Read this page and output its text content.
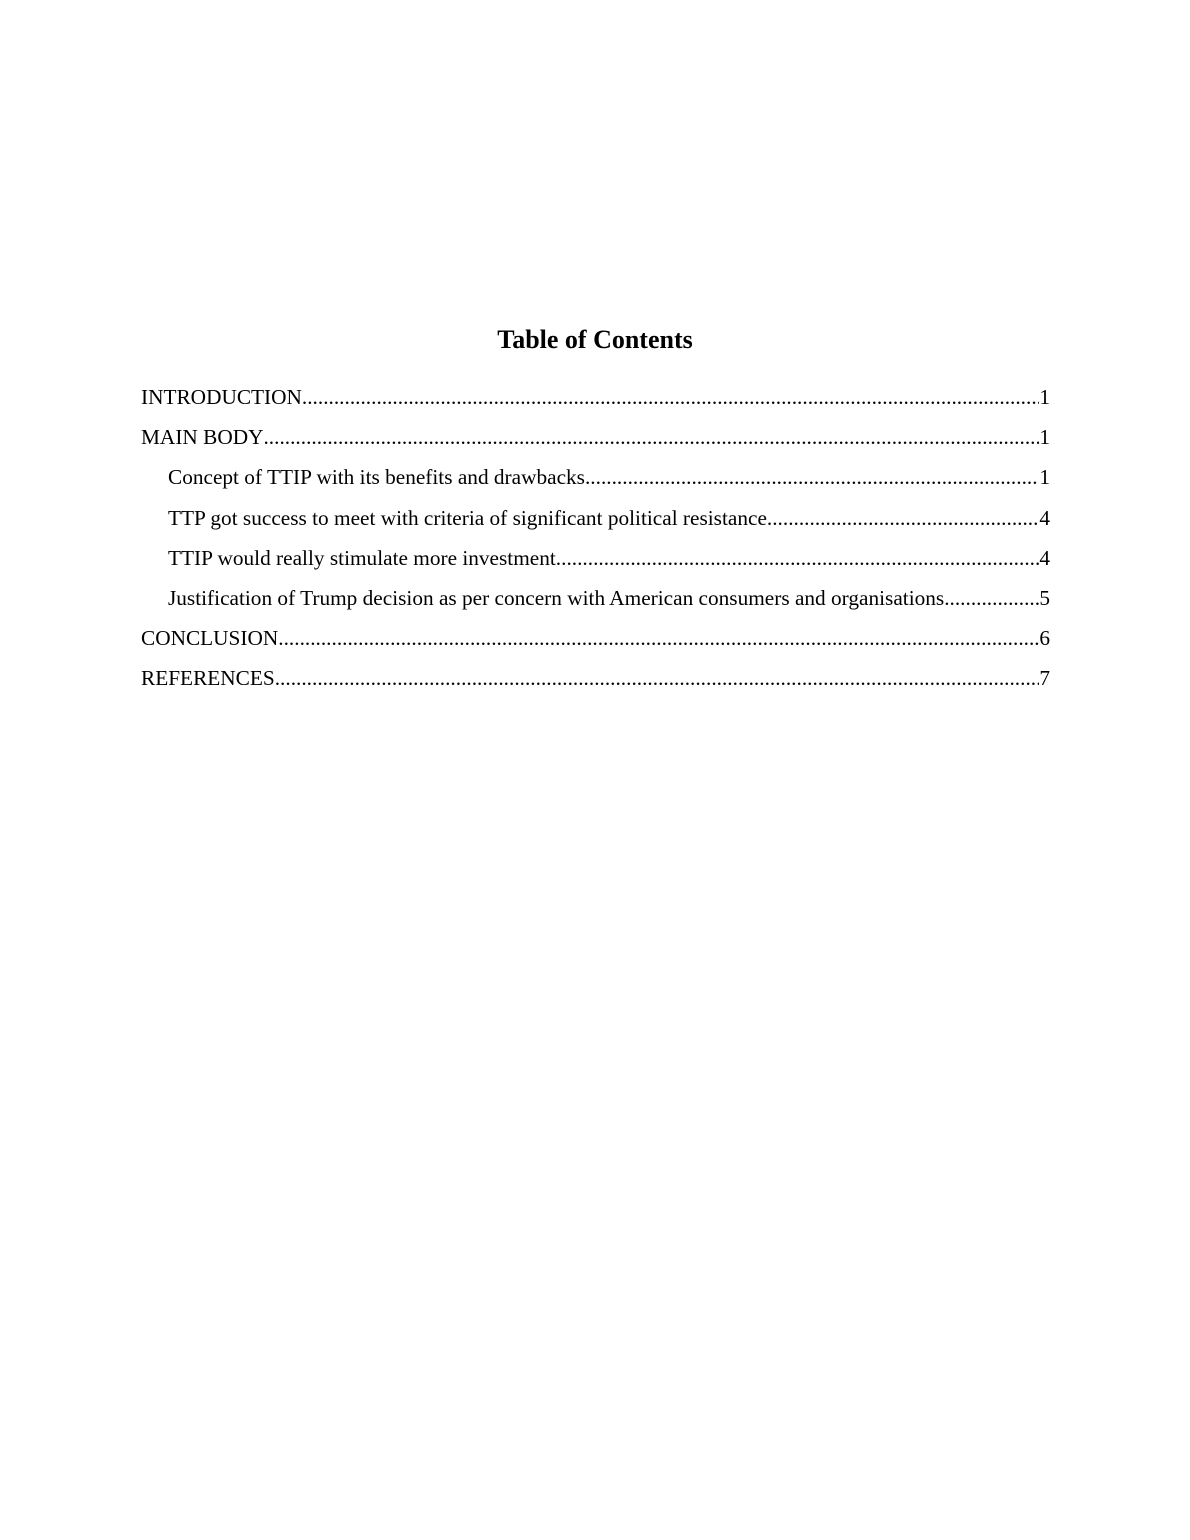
Table of Contents
INTRODUCTION .....	1
MAIN BODY .....	1
Concept of TTIP with its benefits and drawbacks .....	1
TTP got success to meet with criteria of significant political resistance .....	4
TTIP would really stimulate more investment .....	4
Justification of Trump decision as per concern with American consumers and organisations .....	5
CONCLUSION .....	6
REFERENCES .....	7
